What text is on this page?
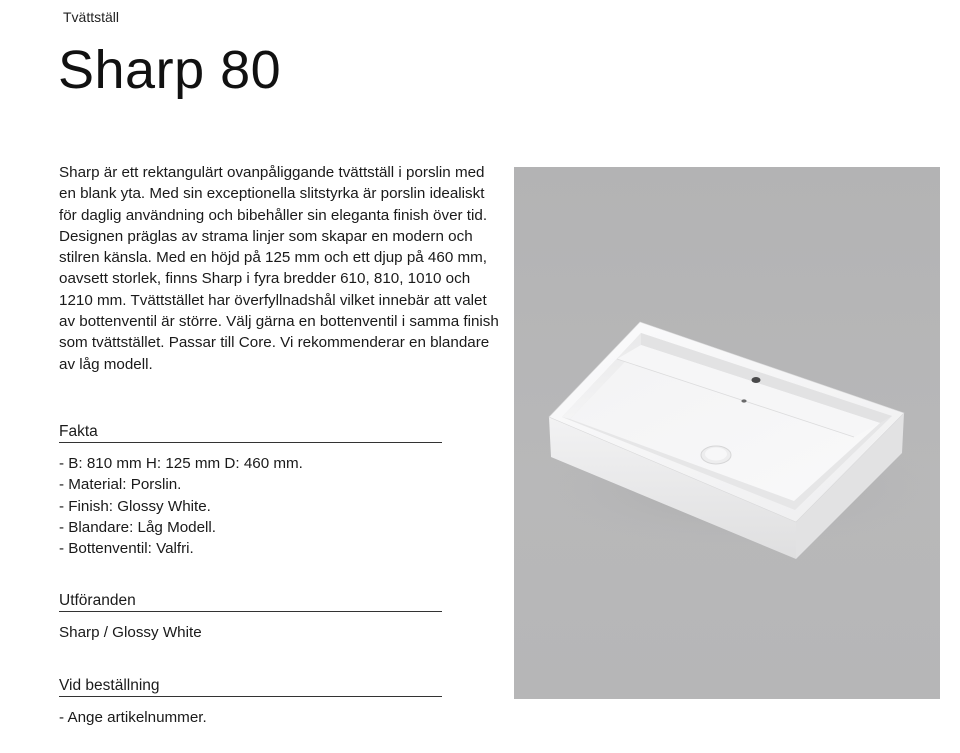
Tvättställ
Sharp 80

Sharp är ett rektangulärt ovanpåliggande tvättställ i porslin med en blank yta. Med sin exceptionella slitstyrka är porslin idealiskt för daglig användning och bibehåller sin eleganta finish över tid. Designen präglas av strama linjer som skapar en modern och stilren känsla. Med en höjd på 125 mm och ett djup på 460 mm, oavsett storlek, finns Sharp i fyra bredder 610, 810, 1010 och 1210 mm. Tvättstället har överfyllnadshål vilket innebär att valet av bottenventil är större. Välj gärna en bottenventil i samma finish som tvättstället. Passar till Core. Vi rekommenderar en blandare av låg modell.

Fakta
- B: 810 mm H: 125 mm D: 460 mm.
- Material: Porslin.
- Finish: Glossy White.
- Blandare: Låg Modell.
- Bottenventil: Valfri.
Utföranden
Sharp / Glossy White
Vid beställning
- Ange artikelnummer.
